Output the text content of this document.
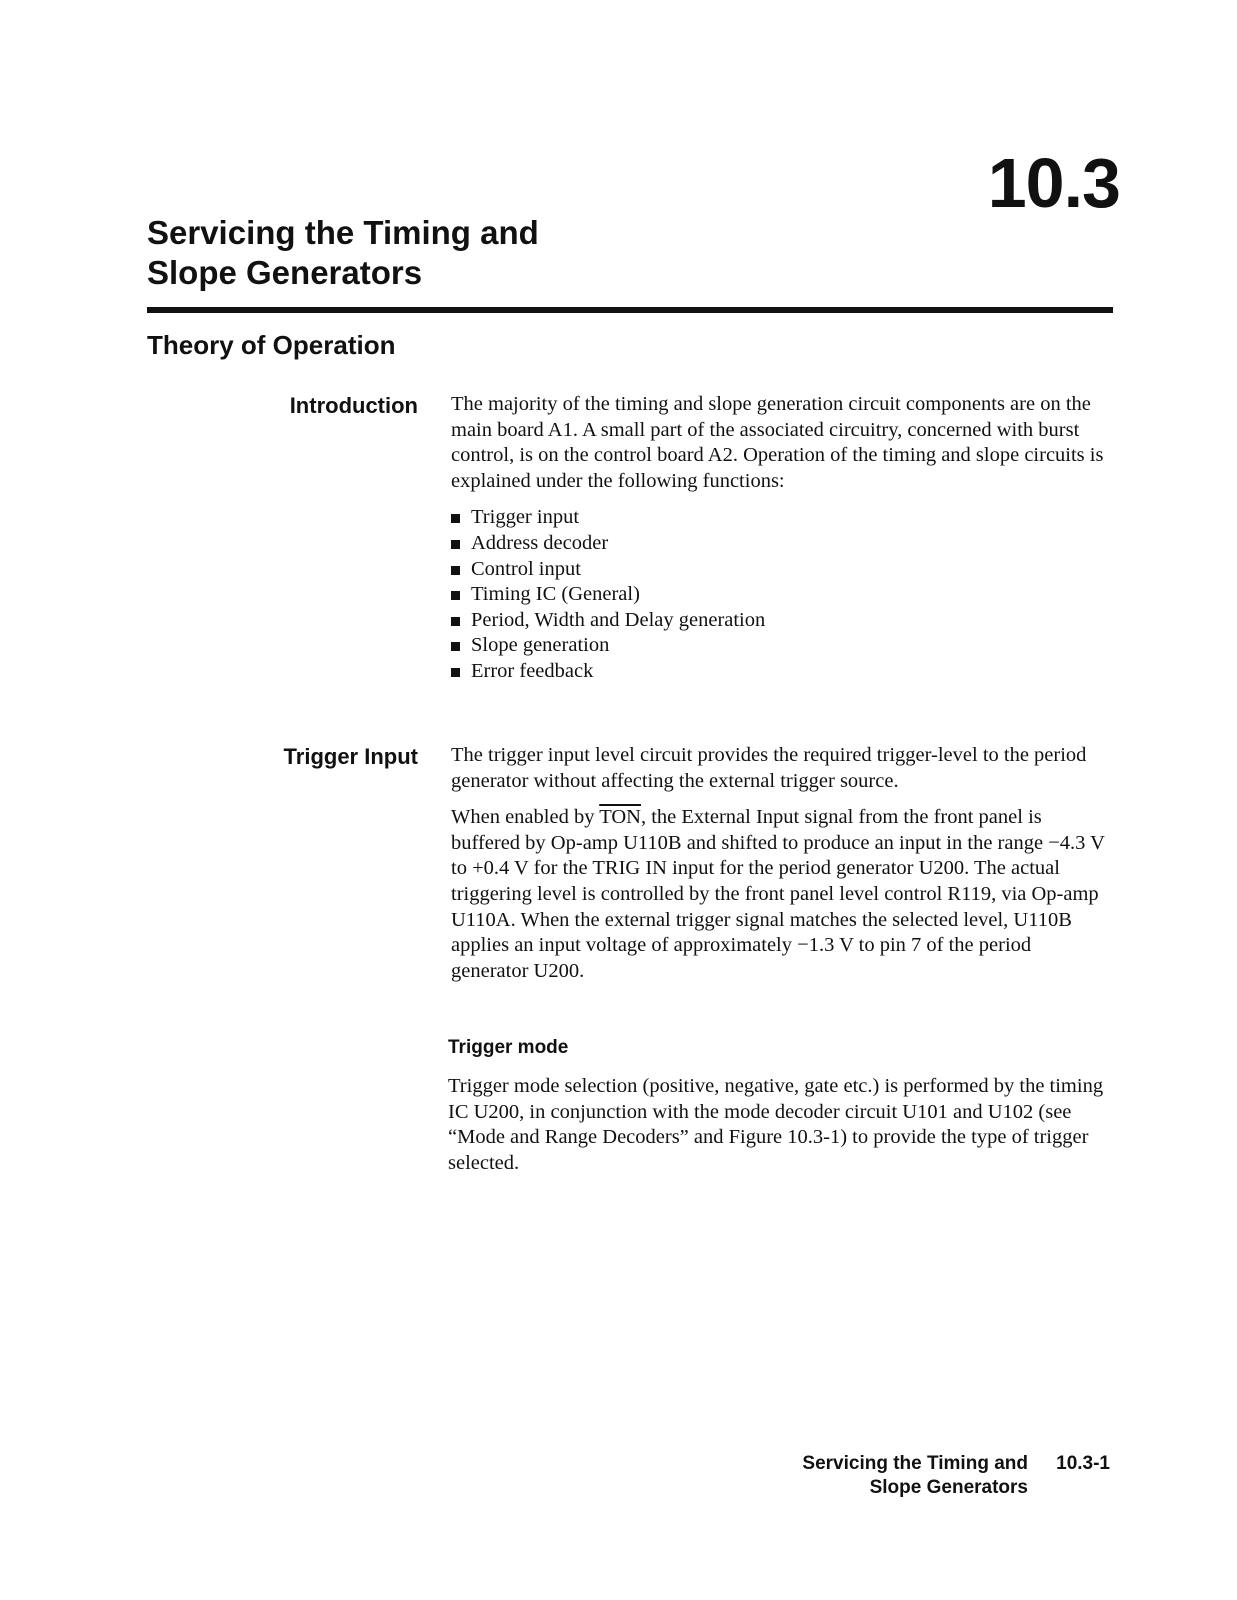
10.3
Servicing the Timing and
Slope Generators
Theory of Operation
Introduction The majority of the timing and slope generation circuit components are on the main board A1. A small part of the associated circuitry, concerned with burst control, is on the control board A2. Operation of the timing and slope circuits is explained under the following functions:

Trigger input
Address decoder
Control input
Timing IC (General)
Period, Width and Delay generation
Slope generation
Error feedback
Trigger Input The trigger input level circuit provides the required trigger-level to the period generator without affecting the external trigger source.

When enabled by $\overline{TON}$, the External Input signal from the front panel is buffered by Op-amp U110B and shifted to produce an input in the range −4.3 V to +0.4 V for the TRIG IN input for the period generator U200. The actual triggering level is controlled by the front panel level control R119, via Op-amp U110A. When the external trigger signal matches the selected level, U110B applies an input voltage of approximately −1.3 V to pin 7 of the period generator U200.

Trigger mode

Trigger mode selection (positive, negative, gate etc.) is performed by the timing IC U200, in conjunction with the mode decoder circuit U101 and U102 (see “Mode and Range Decoders” and Figure 10.3-1) to provide the type of trigger selected.

Servicing the Timing and
Slope Generators
10.3-1
